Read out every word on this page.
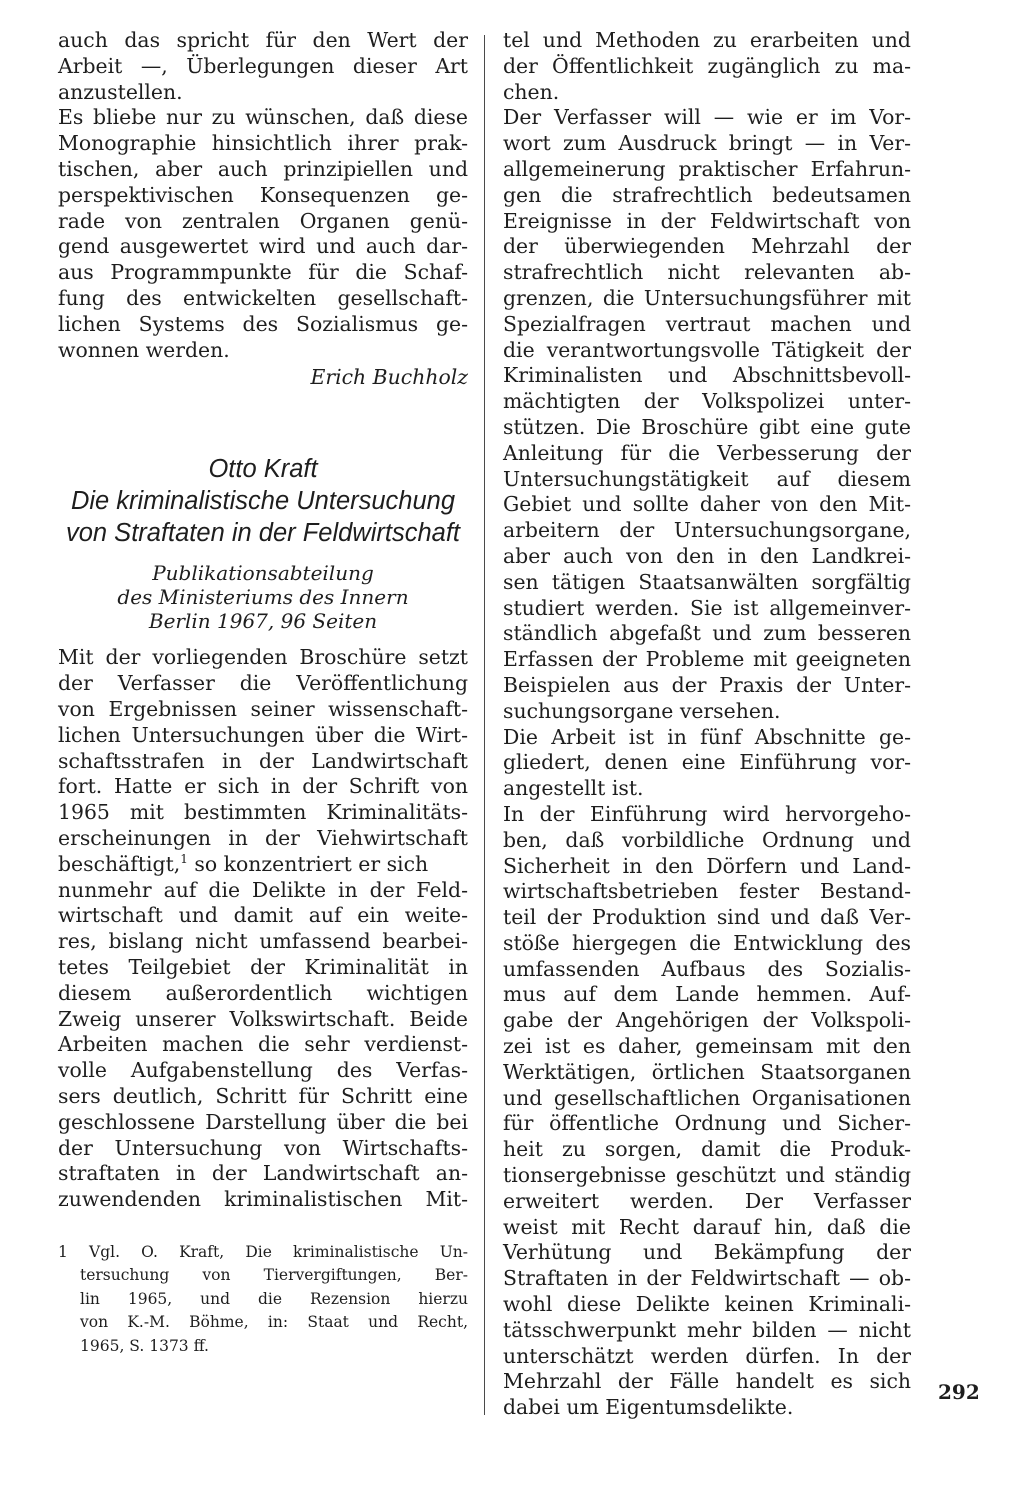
auch das spricht für den Wert der
Arbeit —, Überlegungen dieser Art
anzustellen.
Es bliebe nur zu wünschen, daß diese
Monographie hinsichtlich ihrer prak-
tischen, aber auch prinzipiellen und
perspektivischen Konsequenzen ge-
rade von zentralen Organen genü-
gend ausgewertet wird und auch dar-
aus Programmpunkte für die Schaf-
fung des entwickelten gesellschaft-
lichen Systems des Sozialismus ge-
wonnen werden.
Erich Buchholz
Otto Kraft
Die kriminalistische Untersuchung
von Straftaten in der Feldwirtschaft
Publikationsabteilung
des Ministeriums des Innern
Berlin 1967, 96 Seiten
Mit der vorliegenden Broschüre setzt
der Verfasser die Veröffentlichung
von Ergebnissen seiner wissenschaft-
lichen Untersuchungen über die Wirt-
schaftsstrafen in der Landwirtschaft
fort. Hatte er sich in der Schrift von
1965 mit bestimmten Kriminalitäts-
erscheinungen in der Viehwirtschaft
beschäftigt,$^1$ so konzentriert er sich
nunmehr auf die Delikte in der Feld-
wirtschaft und damit auf ein weite-
res, bislang nicht umfassend bearbei-
tetes Teilgebiet der Kriminalität in
diesem außerordentlich wichtigen
Zweig unserer Volkswirtschaft. Beide
Arbeiten machen die sehr verdienst-
volle Aufgabenstellung des Verfas-
sers deutlich, Schritt für Schritt eine
geschlossene Darstellung über die bei
der Untersuchung von Wirtschafts-
straftaten in der Landwirtschaft an-
zuwendenden kriminalistischen Mit-
1 Vgl. O. Kraft, Die kriminalistische Un-
tersuchung von Tiervergiftungen, Ber-
lin 1965, und die Rezension hierzu
von K.-M. Böhme, in: Staat und Recht,
1965, S. 1373 ff.
tel und Methoden zu erarbeiten und
der Öffentlichkeit zugänglich zu ma-
chen.
Der Verfasser will — wie er im Vor-
wort zum Ausdruck bringt — in Ver-
allgemeinerung praktischer Erfahrun-
gen die strafrechtlich bedeutsamen
Ereignisse in der Feldwirtschaft von
der überwiegenden Mehrzahl der
strafrechtlich nicht relevanten ab-
grenzen, die Untersuchungsführer mit
Spezialfragen vertraut machen und
die verantwortungsvolle Tätigkeit der
Kriminalisten und Abschnittsbevoll-
mächtigten der Volkspolizei unter-
stützen. Die Broschüre gibt eine gute
Anleitung für die Verbesserung der
Untersuchungstätigkeit auf diesem
Gebiet und sollte daher von den Mit-
arbeitern der Untersuchungsorgane,
aber auch von den in den Landkrei-
sen tätigen Staatsanwälten sorgfältig
studiert werden. Sie ist allgemeinver-
ständlich abgefaßt und zum besseren
Erfassen der Probleme mit geeigneten
Beispielen aus der Praxis der Unter-
suchungsorgane versehen.
Die Arbeit ist in fünf Abschnitte ge-
gliedert, denen eine Einführung vor-
angestellt ist.
In der Einführung wird hervorgeho-
ben, daß vorbildliche Ordnung und
Sicherheit in den Dörfern und Land-
wirtschaftsbetrieben fester Bestand-
teil der Produktion sind und daß Ver-
stöße hiergegen die Entwicklung des
umfassenden Aufbaus des Sozialis-
mus auf dem Lande hemmen. Auf-
gabe der Angehörigen der Volkspoli-
zei ist es daher, gemeinsam mit den
Werktätigen, örtlichen Staatsorganen
und gesellschaftlichen Organisationen
für öffentliche Ordnung und Sicher-
heit zu sorgen, damit die Produk-
tionsergebnisse geschützt und ständig
erweitert werden. Der Verfasser
weist mit Recht darauf hin, daß die
Verhütung und Bekämpfung der
Straftaten in der Feldwirtschaft — ob-
wohl diese Delikte keinen Kriminali-
tätsschwerpunkt mehr bilden — nicht
unterschätzt werden dürfen. In der
Mehrzahl der Fälle handelt es sich
dabei um Eigentumsdelikte.
292
